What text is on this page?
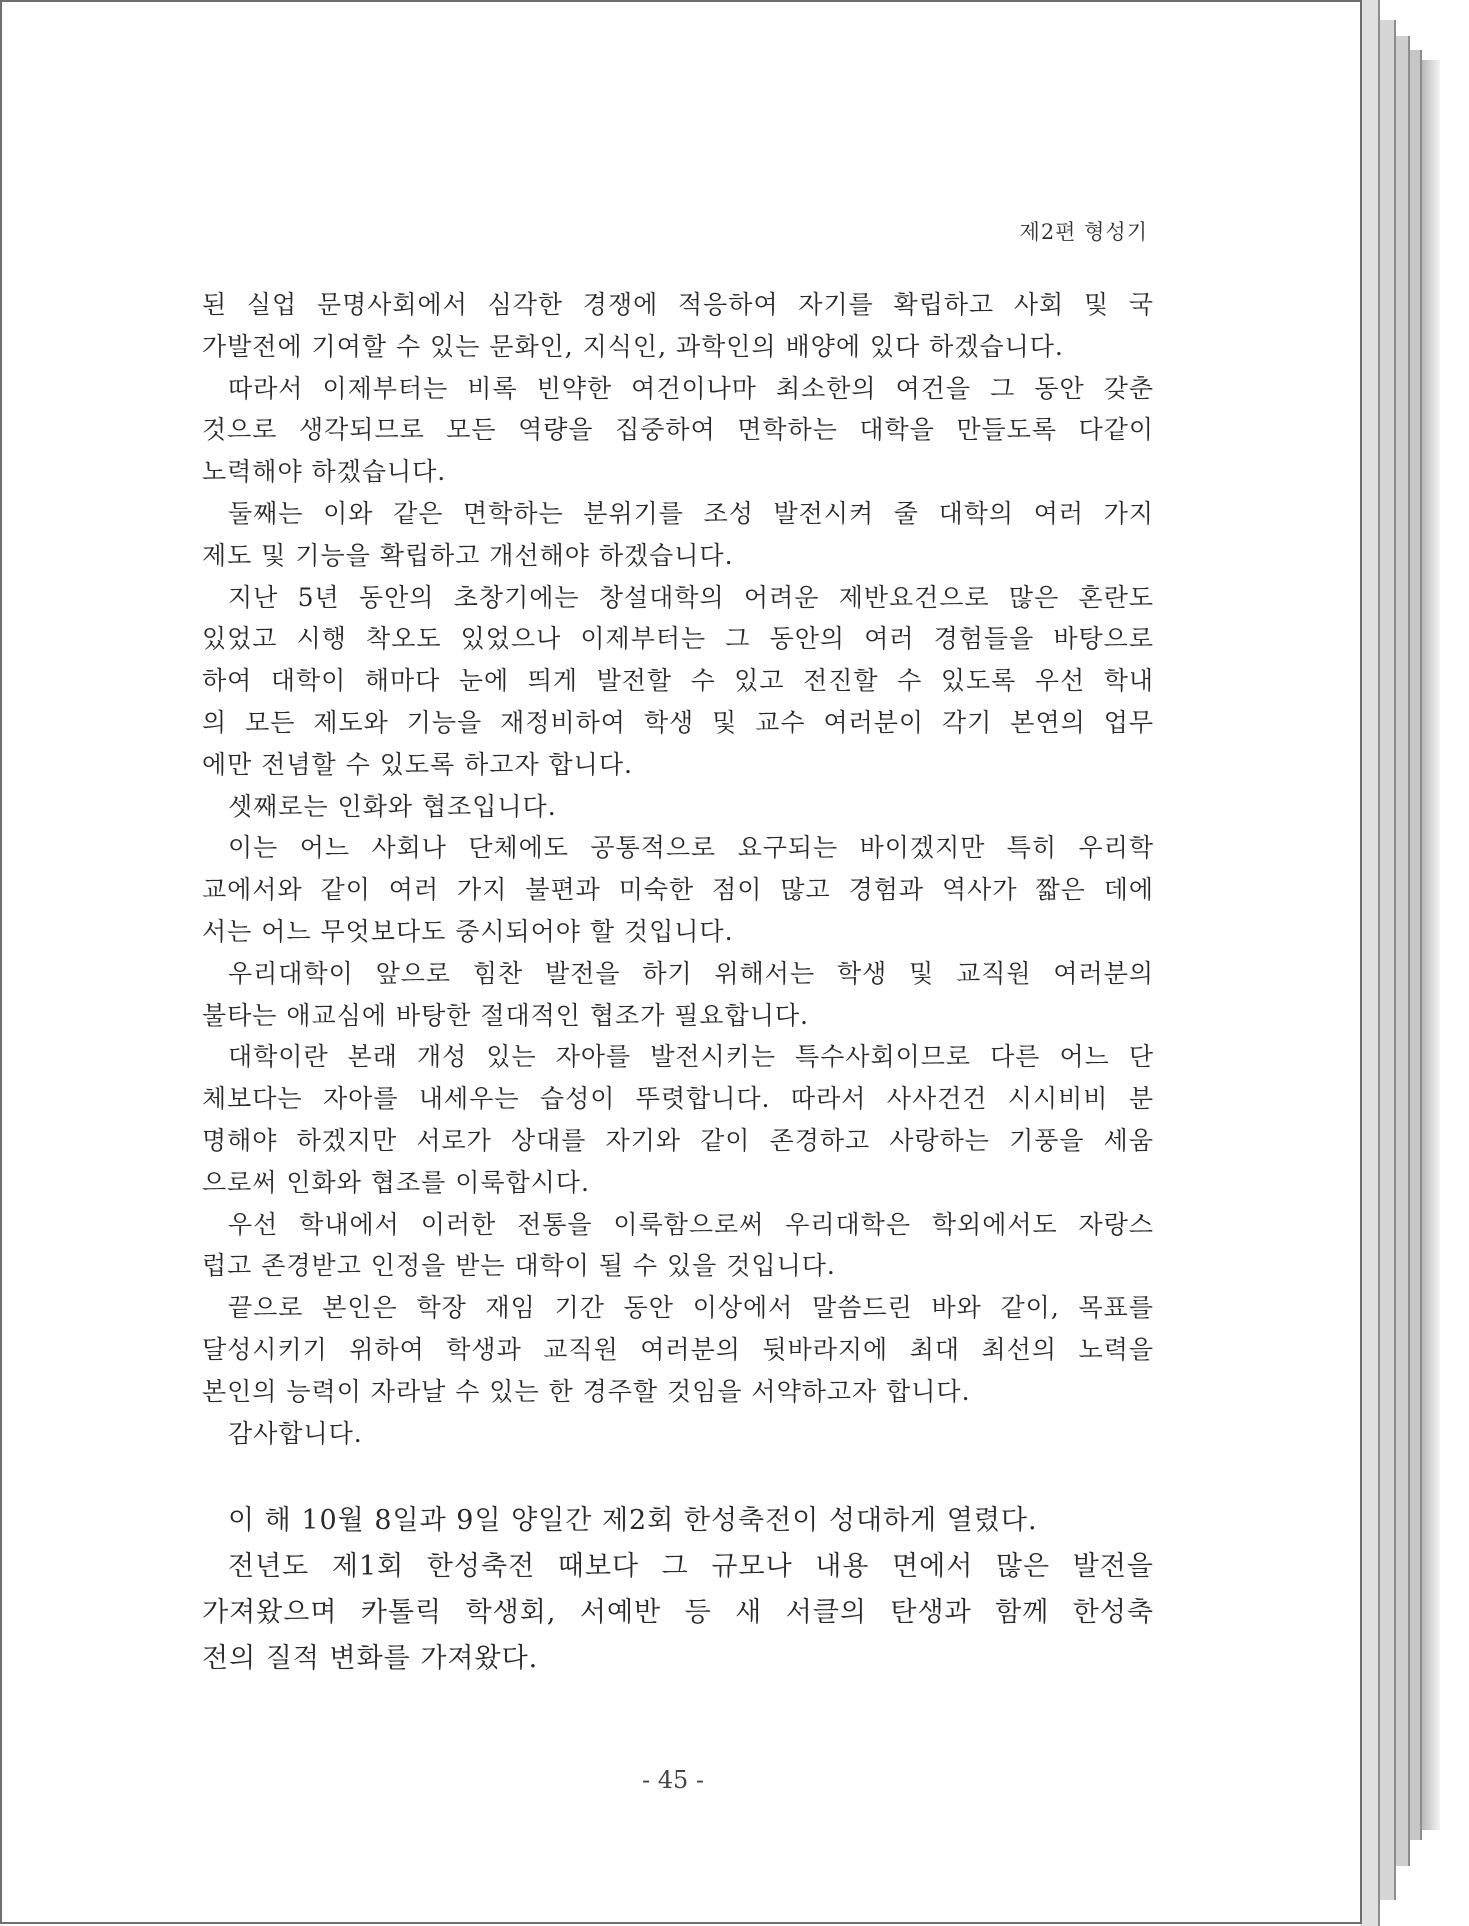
제2편 형성기
된 실업 문명사회에서 심각한 경쟁에 적응하여 자기를 확립하고 사회 및 국
가발전에 기여할 수 있는 문화인, 지식인, 과학인의 배양에 있다 하겠습니다.
따라서 이제부터는 비록 빈약한 여건이나마 최소한의 여건을 그 동안 갖춘
것으로 생각되므로 모든 역량을 집중하여 면학하는 대학을 만들도록 다같이
노력해야 하겠습니다.
둘째는 이와 같은 면학하는 분위기를 조성 발전시켜 줄 대학의 여러 가지
제도 및 기능을 확립하고 개선해야 하겠습니다.
지난 5년 동안의 초창기에는 창설대학의 어려운 제반요건으로 많은 혼란도
있었고 시행 착오도 있었으나 이제부터는 그 동안의 여러 경험들을 바탕으로
하여 대학이 해마다 눈에 띄게 발전할 수 있고 전진할 수 있도록 우선 학내
의 모든 제도와 기능을 재정비하여 학생 및 교수 여러분이 각기 본연의 업무
에만 전념할 수 있도록 하고자 합니다.
셋째로는 인화와 협조입니다.
이는 어느 사회나 단체에도 공통적으로 요구되는 바이겠지만 특히 우리학
교에서와 같이 여러 가지 불편과 미숙한 점이 많고 경험과 역사가 짧은 데에
서는 어느 무엇보다도 중시되어야 할 것입니다.
우리대학이 앞으로 힘찬 발전을 하기 위해서는 학생 및 교직원 여러분의
불타는 애교심에 바탕한 절대적인 협조가 필요합니다.
대학이란 본래 개성 있는 자아를 발전시키는 특수사회이므로 다른 어느 단
체보다는 자아를 내세우는 습성이 뚜렷합니다. 따라서 사사건건 시시비비 분
명해야 하겠지만 서로가 상대를 자기와 같이 존경하고 사랑하는 기풍을 세움
으로써 인화와 협조를 이룩합시다.
우선 학내에서 이러한 전통을 이룩함으로써 우리대학은 학외에서도 자랑스
럽고 존경받고 인정을 받는 대학이 될 수 있을 것입니다.
끝으로 본인은 학장 재임 기간 동안 이상에서 말씀드린 바와 같이, 목표를
달성시키기 위하여 학생과 교직원 여러분의 뒷바라지에 최대 최선의 노력을
본인의 능력이 자라날 수 있는 한 경주할 것임을 서약하고자 합니다.
감사합니다.
이 해 10월 8일과 9일 양일간 제2회 한성축전이 성대하게 열렸다.
전년도 제1회 한성축전 때보다 그 규모나 내용 면에서 많은 발전을
가져왔으며 카톨릭 학생회, 서예반 등 새 서클의 탄생과 함께 한성축
전의 질적 변화를 가져왔다.
- 45 -
